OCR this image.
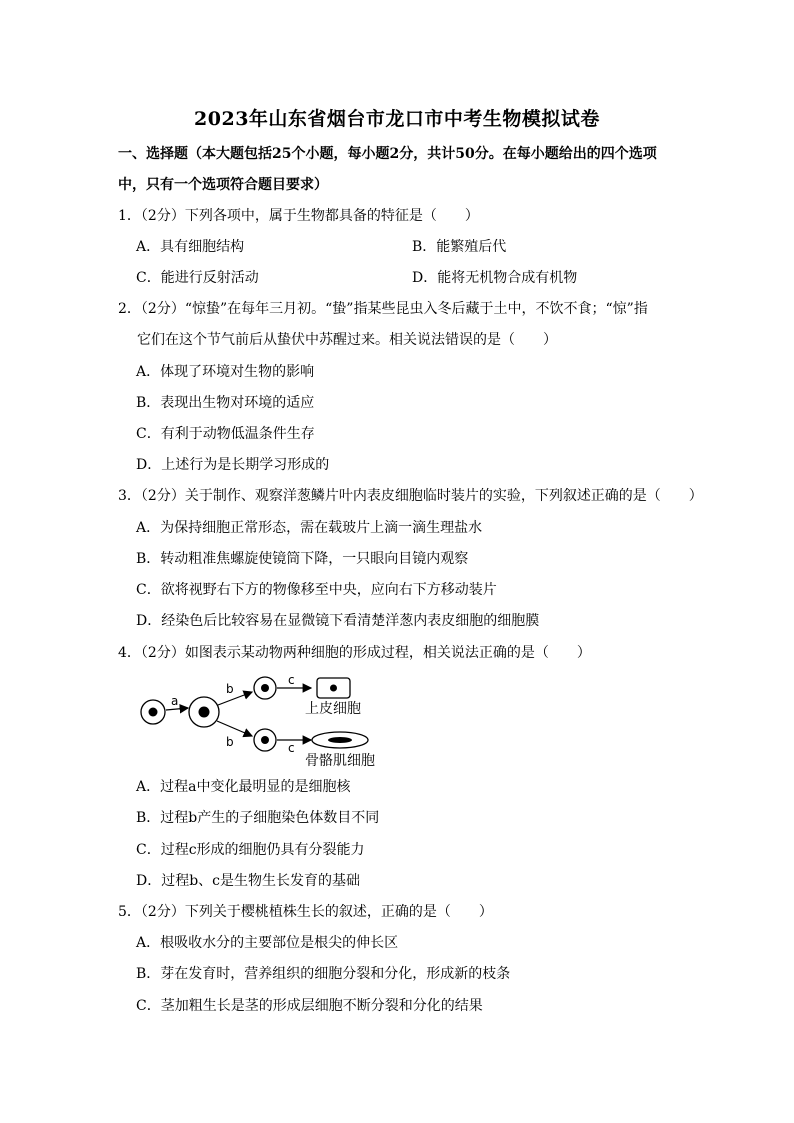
2023年山东省烟台市龙口市中考生物模拟试卷
一、选择题（本大题包括25个小题，每小题2分，共计50分。在每小题给出的四个选项
中，只有一个选项符合题目要求）
1．（2分）下列各项中，属于生物都具备的特征是（　　）
A．具有细胞结构	B．能繁殖后代
C．能进行反射活动	D．能将无机物合成有机物
2．（2分）“惊蛰”在每年三月初。“蛰”指某些昆虫入冬后藏于土中，不饮不食；“惊”指
它们在这个节气前后从蛰伏中苏醒过来。相关说法错误的是（　　）
A．体现了环境对生物的影响
B．表现出生物对环境的适应
C．有利于动物低温条件生存
D．上述行为是长期学习形成的
3．（2分）关于制作、观察洋葱鳞片叶内表皮细胞临时装片的实验，下列叙述正确的是（　　）
A．为保持细胞正常形态，需在载玻片上滴一滴生理盐水
B．转动粗准焦螺旋使镜筒下降，一只眼向目镜内观察
C．欲将视野右下方的物像移至中央，应向右下方移动装片
D．经染色后比较容易在显微镜下看清楚洋葱内表皮细胞的细胞膜
4．（2分）如图表示某动物两种细胞的形成过程，相关说法正确的是（　　）
a
b
c
上皮细胞
b	c
骨骼肌细胞
A．过程a中变化最明显的是细胞核
B．过程b产生的子细胞染色体数目不同
C．过程c形成的细胞仍具有分裂能力
D．过程b、c是生物生长发育的基础
5．（2分）下列关于樱桃植株生长的叙述，正确的是（　　）
A．根吸收水分的主要部位是根尖的伸长区
B．芽在发育时，营养组织的细胞分裂和分化，形成新的枝条
C．茎加粗生长是茎的形成层细胞不断分裂和分化的结果
